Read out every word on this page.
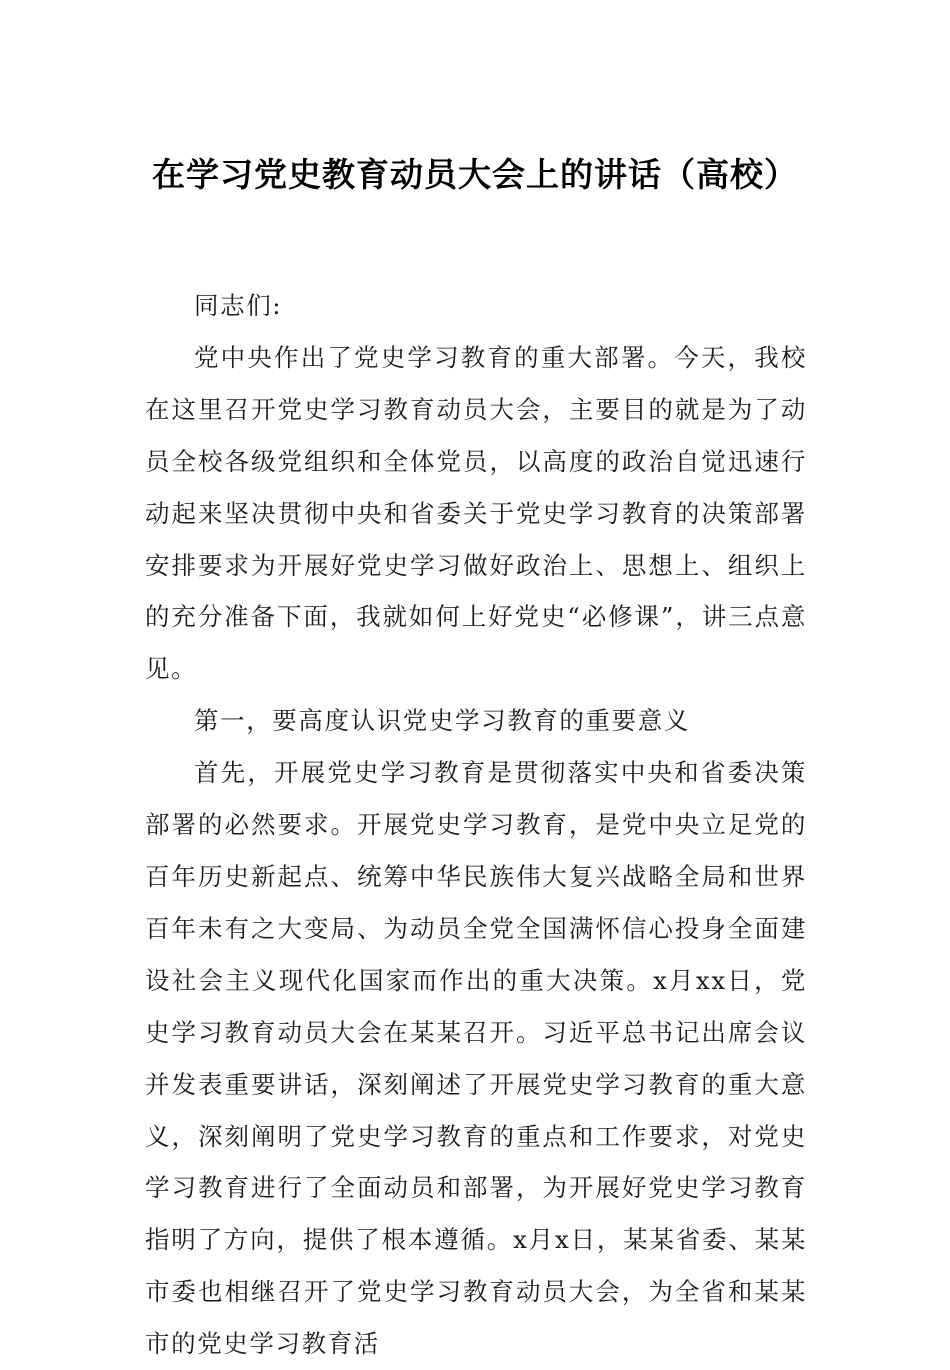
在学习党史教育动员大会上的讲话（高校）

同志们:

党中央作出了党史学习教育的重大部署。今天，我校在这里召开党史学习教育动员大会，主要目的就是为了动员全校各级党组织和全体党员，以高度的政治自觉迅速行动起来坚决贯彻中央和省委关于党史学习教育的决策部署安排要求为开展好党史学习做好政治上、思想上、组织上的充分准备下面，我就如何上好党史“必修课”，讲三点意见。

第一，要高度认识党史学习教育的重要意义

首先，开展党史学习教育是贯彻落实中央和省委决策部署的必然要求。开展党史学习教育，是党中央立足党的百年历史新起点、统筹中华民族伟大复兴战略全局和世界百年未有之大变局、为动员全党全国满怀信心投身全面建设社会主义现代化国家而作出的重大决策。x月xx日，党史学习教育动员大会在某某召开。习近平总书记出席会议并发表重要讲话，深刻阐述了开展党史学习教育的重大意义，深刻阐明了党史学习教育的重点和工作要求，对党史学习教育进行了全面动员和部署，为开展好党史学习教育指明了方向，提供了根本遵循。x月x日，某某省委、某某市委也相继召开了党史学习教育动员大会，为全省和某某市的党史学习教育活
